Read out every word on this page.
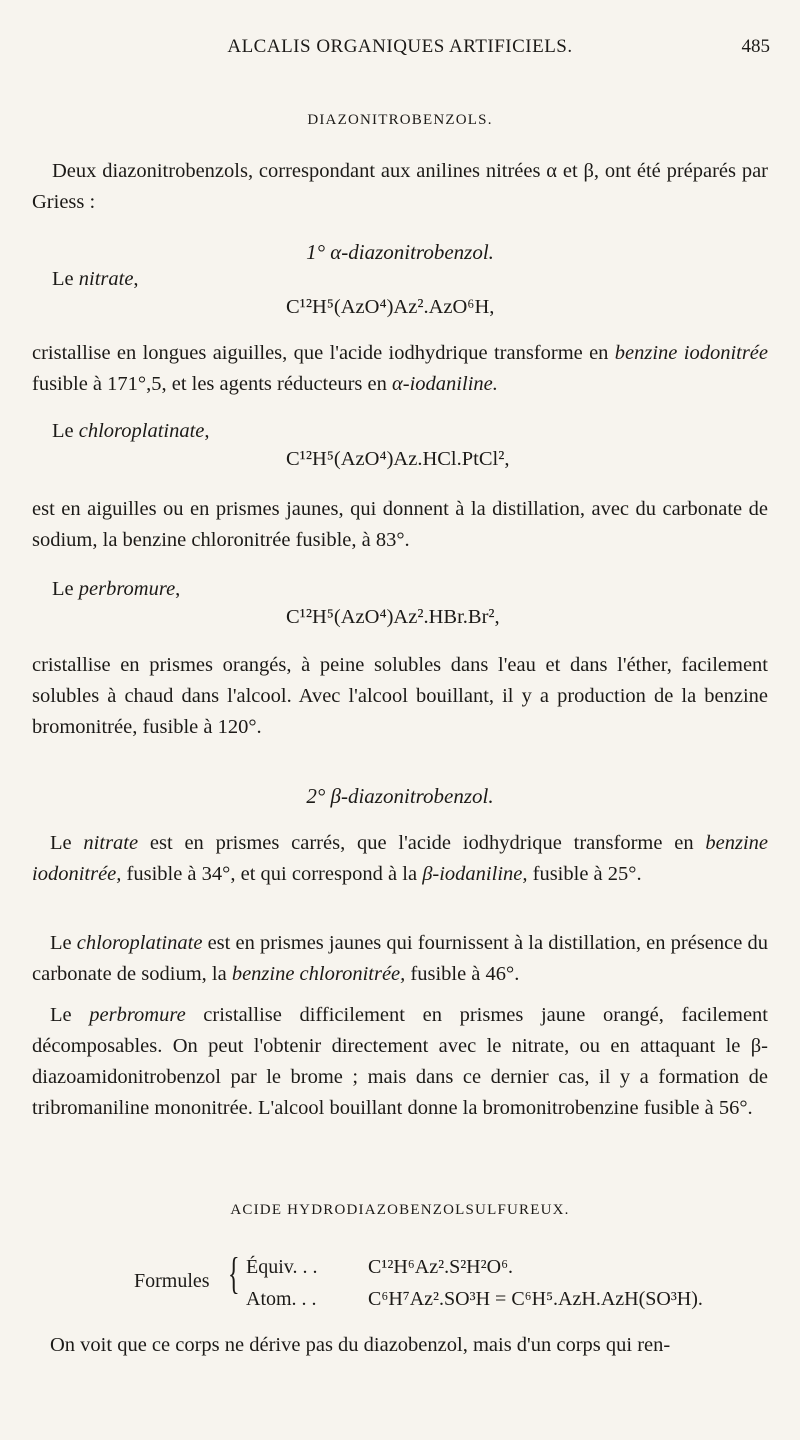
ALCALIS ORGANIQUES ARTIFICIELS.	485
DIAZONITROBENZOLS.
Deux diazonitrobenzols, correspondant aux anilines nitrées α et β, ont été préparés par Griess :
1° α-diazonitrobenzol.
Le nitrate,
C¹²H⁵(AzO⁴)Az².AzO⁶H,
cristallise en longues aiguilles, que l'acide iodhydrique transforme en benzine iodonitrée fusible à 171°,5, et les agents réducteurs en α-iodaniline.
Le chloroplatinate,
C¹²H⁵(AzO⁴)Az.HCl.PtCl²,
est en aiguilles ou en prismes jaunes, qui donnent à la distillation, avec du carbonate de sodium, la benzine chloronitrée fusible, à 83°.
Le perbromure,
C¹²H⁵(AzO⁴)Az².HBr.Br²,
cristallise en prismes orangés, à peine solubles dans l'eau et dans l'éther, facilement solubles à chaud dans l'alcool. Avec l'alcool bouillant, il y a production de la benzine bromonitrée, fusible à 120°.
2° β-diazonitrobenzol.
Le nitrate est en prismes carrés, que l'acide iodhydrique transforme en benzine iodonitrée, fusible à 34°, et qui correspond à la β-iodaniline, fusible à 25°.
Le chloroplatinate est en prismes jaunes qui fournissent à la distillation, en présence du carbonate de sodium, la benzine chloronitrée, fusible à 46°.
Le perbromure cristallise difficilement en prismes jaune orangé, facilement décomposables. On peut l'obtenir directement avec le nitrate, ou en attaquant le β-diazoamidonitrobenzol par le brome ; mais dans ce dernier cas, il y a formation de tribromaniline mononitrée. L'alcool bouillant donne la bromonitrobenzine fusible à 56°.
ACIDE HYDRODIAZOBENZOLSULFUREUX.
Formules { Équiv. . .	C¹²H⁶Az².S²H²O⁶.
Atom. . .	C⁶H⁷Az².SO³H = C⁶H⁵.AzH.AzH(SO³H).
On voit que ce corps ne dérive pas du diazobenzol, mais d'un corps qui ren-
